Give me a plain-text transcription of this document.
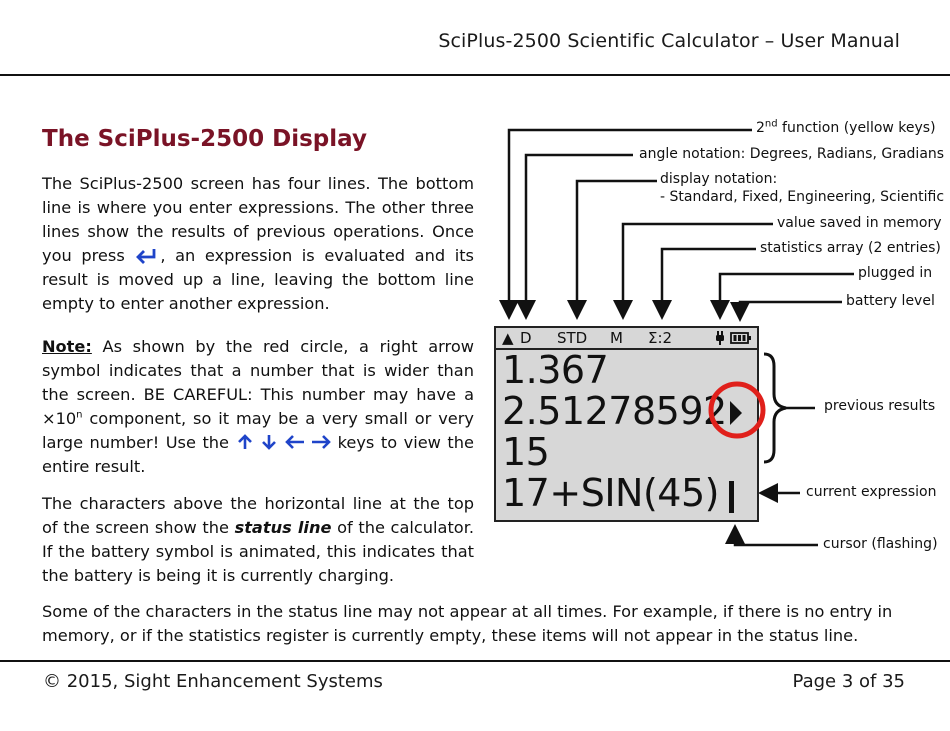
SciPlus-2500 Scientific Calculator – User Manual
The SciPlus-2500 Display
The SciPlus-2500 screen has four lines. The bottom line is where you enter expressions. The other three lines show the results of previous operations. Once you press , an expression is evaluated and its result is moved up a line, leaving the bottom line empty to enter another expression.
Note: As shown by the red circle, a right arrow symbol indicates that a number that is wider than the screen. BE CAREFUL: This number may have $a \times 10^n$ component, so it may be a very small or very large number! Use the	keys to view the entire result.
The characters above the horizontal line at the top of the screen show the status line of the calculator. If the battery symbol is animated, this indicates that the battery is being it is currently charging.
Some of the characters in the status line may not appear at all times. For example, if there is no entry in memory, or if the statistics register is currently empty, these items will not appear in the status line.
2nd function (yellow keys)
angle notation: Degrees, Radians, Gradians
display notation:
- Standard, Fixed, Engineering, Scientific
value saved in memory
statistics array (2 entries)
plugged in
battery level
previous results
current expression
cursor (flashing)
▲ D STD M Σ:2
1.367
2.51278592
15
17+SIN(45)
© 2015, Sight Enhancement Systems	Page 3 of 35
